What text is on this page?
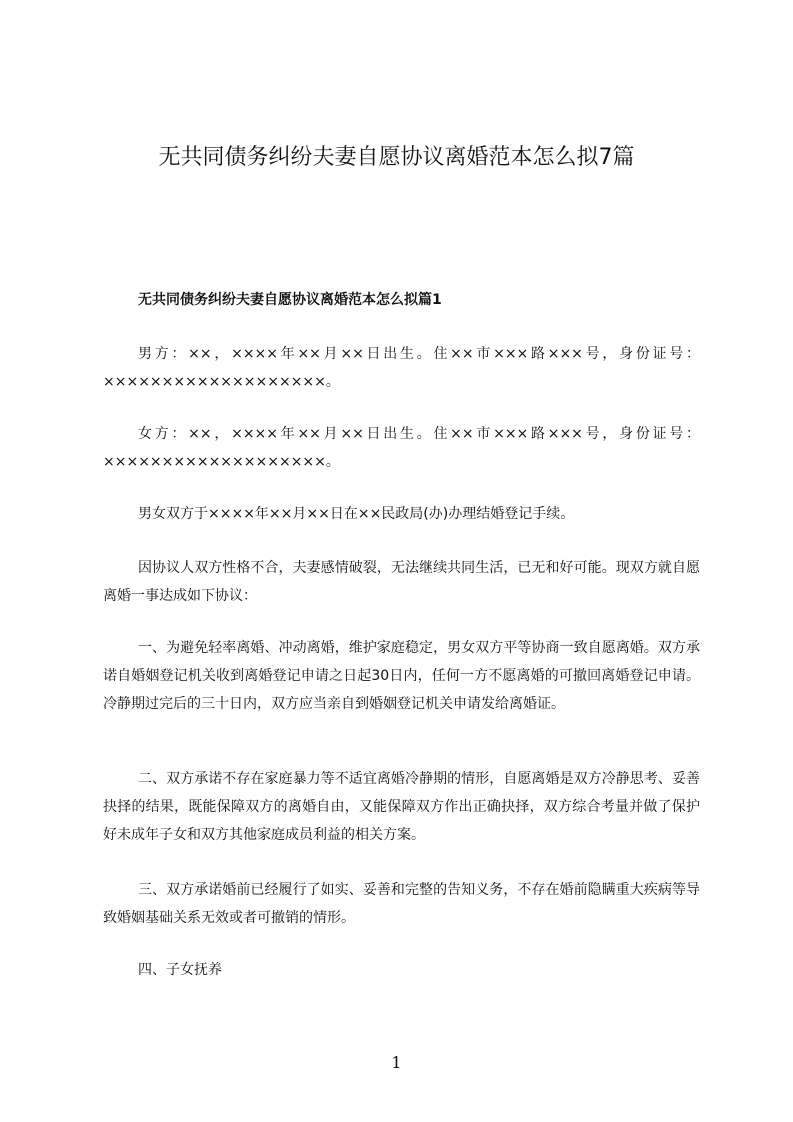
无共同债务纠纷夫妻自愿协议离婚范本怎么拟7篇
无共同债务纠纷夫妻自愿协议离婚范本怎么拟篇1

男方：××，××××年××月××日出生。住××市×××路×××号，身份证号：×××××××××××××××××××。

女方：××，××××年××月××日出生。住××市×××路×××号，身份证号：×××××××××××××××××××。

男女双方于××××年××月××日在××民政局(办)办理结婚登记手续。

因协议人双方性格不合，夫妻感情破裂，无法继续共同生活，已无和好可能。现双方就自愿离婚一事达成如下协议：

一、为避免轻率离婚、冲动离婚，维护家庭稳定，男女双方平等协商一致自愿离婚。双方承诺自婚姻登记机关收到离婚登记申请之日起30日内，任何一方不愿离婚的可撤回离婚登记申请。冷静期过完后的三十日内，双方应当亲自到婚姻登记机关申请发给离婚证。

二、双方承诺不存在家庭暴力等不适宜离婚冷静期的情形，自愿离婚是双方冷静思考、妥善抉择的结果，既能保障双方的离婚自由，又能保障双方作出正确抉择，双方综合考量并做了保护好未成年子女和双方其他家庭成员利益的相关方案。

三、双方承诺婚前已经履行了如实、妥善和完整的告知义务，不存在婚前隐瞒重大疾病等导致婚姻基础关系无效或者可撤销的情形。

四、子女抚养

1
